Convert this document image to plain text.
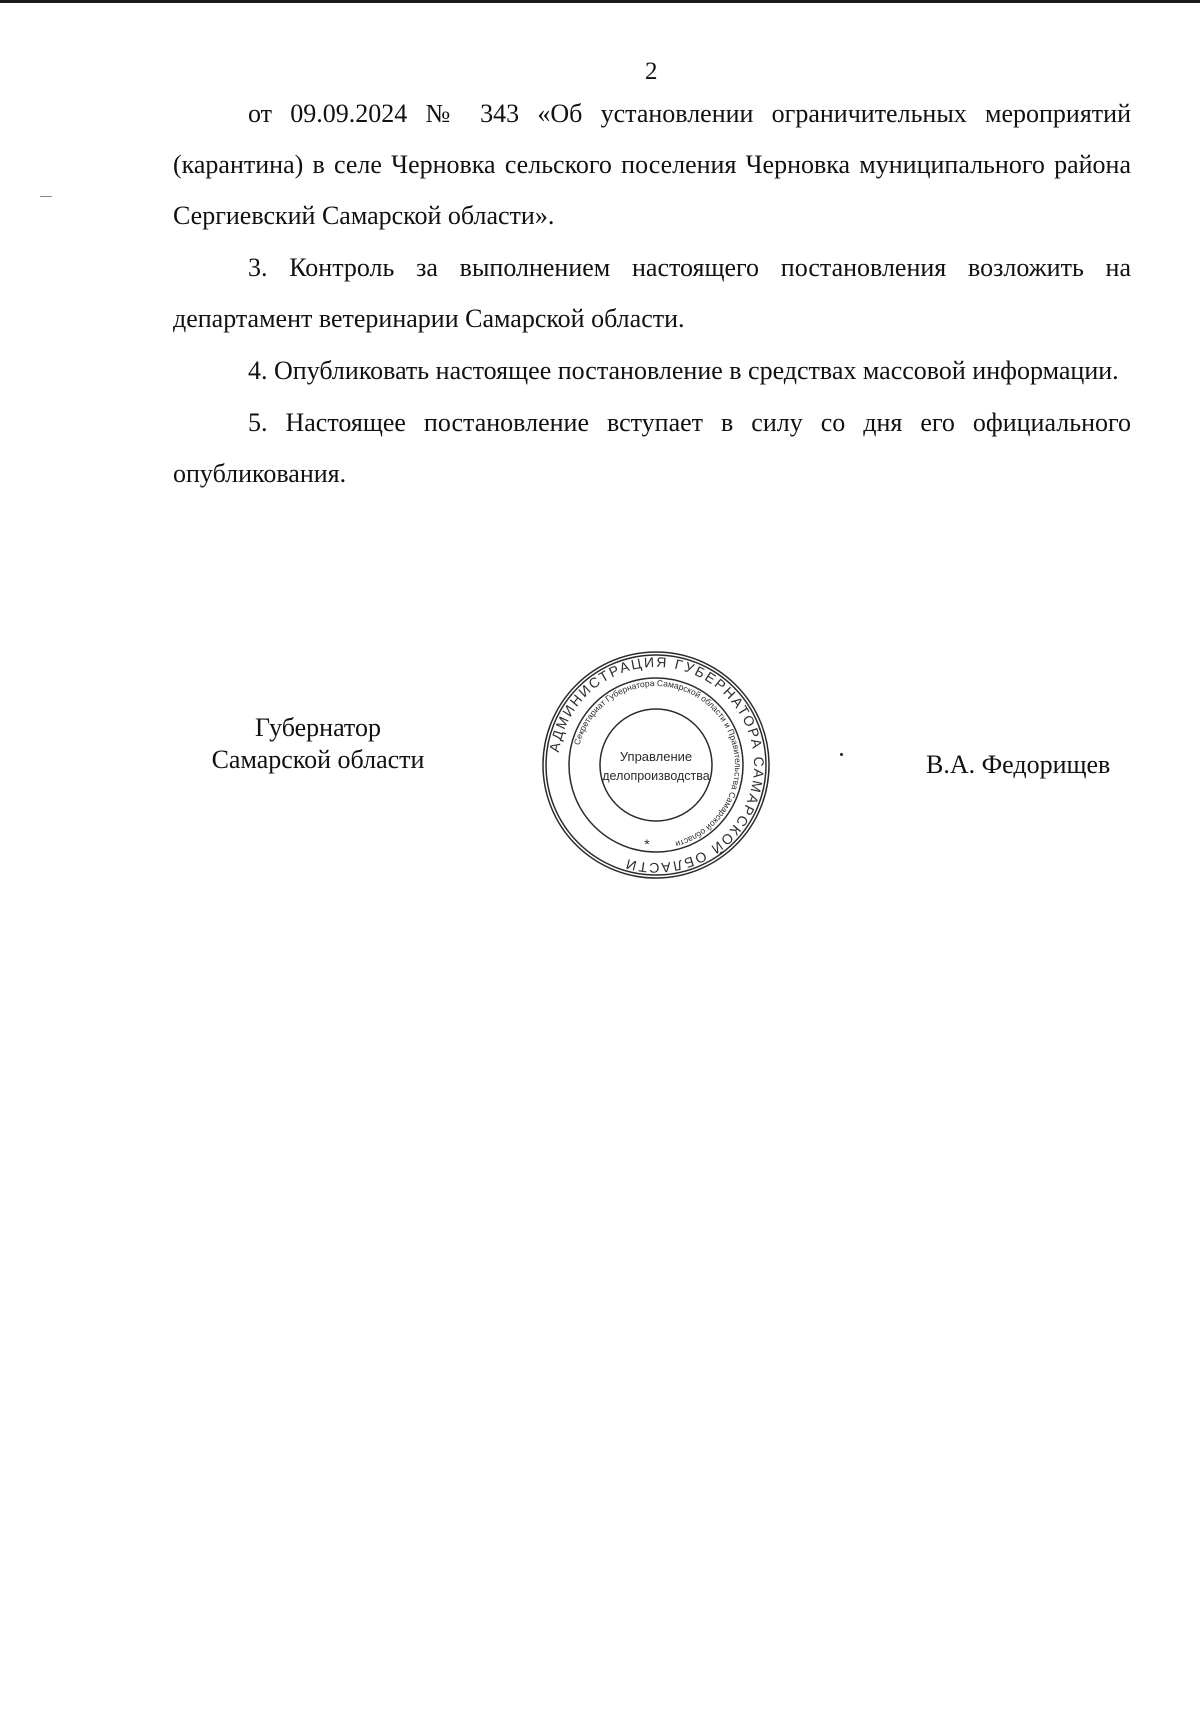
2

от 09.09.2024 № 343 «Об установлении ограничительных мероприятий (карантина) в селе Черновка сельского поселения Черновка муниципального района Сергиевский Самарской области».

3. Контроль за выполнением настоящего постановления возложить на департамент ветеринарии Самарской области.

4. Опубликовать настоящее постановление в средствах массовой информации.

5. Настоящее постановление вступает в силу со дня его официального опубликования.

Губернатор
Самарской области	В.А. Федорищев
АДМИНИСТРАЦИЯ ГУБЕРНАТОРА САМАРСКОЙ ОБЛАСТИ
Секретариат Губернатора Самарской области и Правительства Самарской области
Управление
делопроизводства
*
